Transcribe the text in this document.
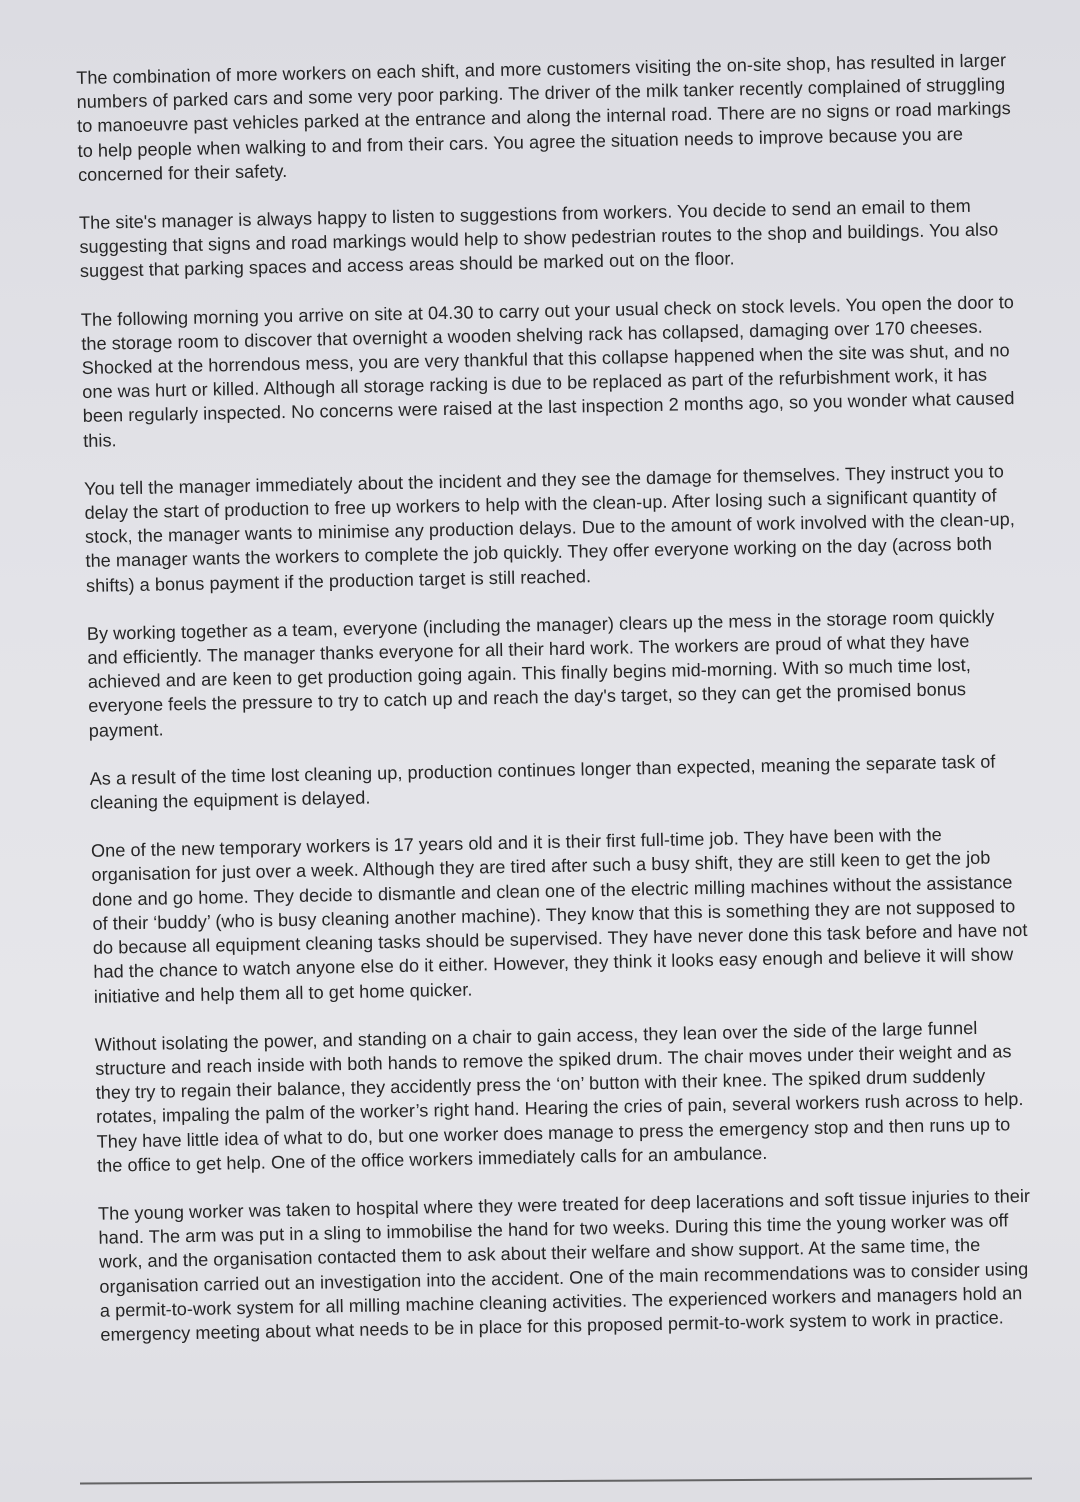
The combination of more workers on each shift, and more customers visiting the on-site shop, has resulted in larger numbers of parked cars and some very poor parking. The driver of the milk tanker recently complained of struggling to manoeuvre past vehicles parked at the entrance and along the internal road. There are no signs or road markings to help people when walking to and from their cars. You agree the situation needs to improve because you are concerned for their safety.

The site's manager is always happy to listen to suggestions from workers. You decide to send an email to them suggesting that signs and road markings would help to show pedestrian routes to the shop and buildings. You also suggest that parking spaces and access areas should be marked out on the floor.

The following morning you arrive on site at 04.30 to carry out your usual check on stock levels. You open the door to the storage room to discover that overnight a wooden shelving rack has collapsed, damaging over 170 cheeses. Shocked at the horrendous mess, you are very thankful that this collapse happened when the site was shut, and no one was hurt or killed. Although all storage racking is due to be replaced as part of the refurbishment work, it has been regularly inspected. No concerns were raised at the last inspection 2 months ago, so you wonder what caused this.

You tell the manager immediately about the incident and they see the damage for themselves. They instruct you to delay the start of production to free up workers to help with the clean-up. After losing such a significant quantity of stock, the manager wants to minimise any production delays. Due to the amount of work involved with the clean-up, the manager wants the workers to complete the job quickly. They offer everyone working on the day (across both shifts) a bonus payment if the production target is still reached.

By working together as a team, everyone (including the manager) clears up the mess in the storage room quickly and efficiently. The manager thanks everyone for all their hard work. The workers are proud of what they have achieved and are keen to get production going again. This finally begins mid-morning. With so much time lost, everyone feels the pressure to try to catch up and reach the day's target, so they can get the promised bonus payment.

As a result of the time lost cleaning up, production continues longer than expected, meaning the separate task of cleaning the equipment is delayed.

One of the new temporary workers is 17 years old and it is their first full-time job. They have been with the organisation for just over a week. Although they are tired after such a busy shift, they are still keen to get the job done and go home. They decide to dismantle and clean one of the electric milling machines without the assistance of their ‘buddy’ (who is busy cleaning another machine). They know that this is something they are not supposed to do because all equipment cleaning tasks should be supervised. They have never done this task before and have not had the chance to watch anyone else do it either. However, they think it looks easy enough and believe it will show initiative and help them all to get home quicker.

Without isolating the power, and standing on a chair to gain access, they lean over the side of the large funnel structure and reach inside with both hands to remove the spiked drum. The chair moves under their weight and as they try to regain their balance, they accidently press the ‘on’ button with their knee. The spiked drum suddenly rotates, impaling the palm of the worker’s right hand. Hearing the cries of pain, several workers rush across to help. They have little idea of what to do, but one worker does manage to press the emergency stop and then runs up to the office to get help. One of the office workers immediately calls for an ambulance.

The young worker was taken to hospital where they were treated for deep lacerations and soft tissue injuries to their hand. The arm was put in a sling to immobilise the hand for two weeks. During this time the young worker was off work, and the organisation contacted them to ask about their welfare and show support. At the same time, the organisation carried out an investigation into the accident. One of the main recommendations was to consider using a permit-to-work system for all milling machine cleaning activities. The experienced workers and managers hold an emergency meeting about what needs to be in place for this proposed permit-to-work system to work in practice.
